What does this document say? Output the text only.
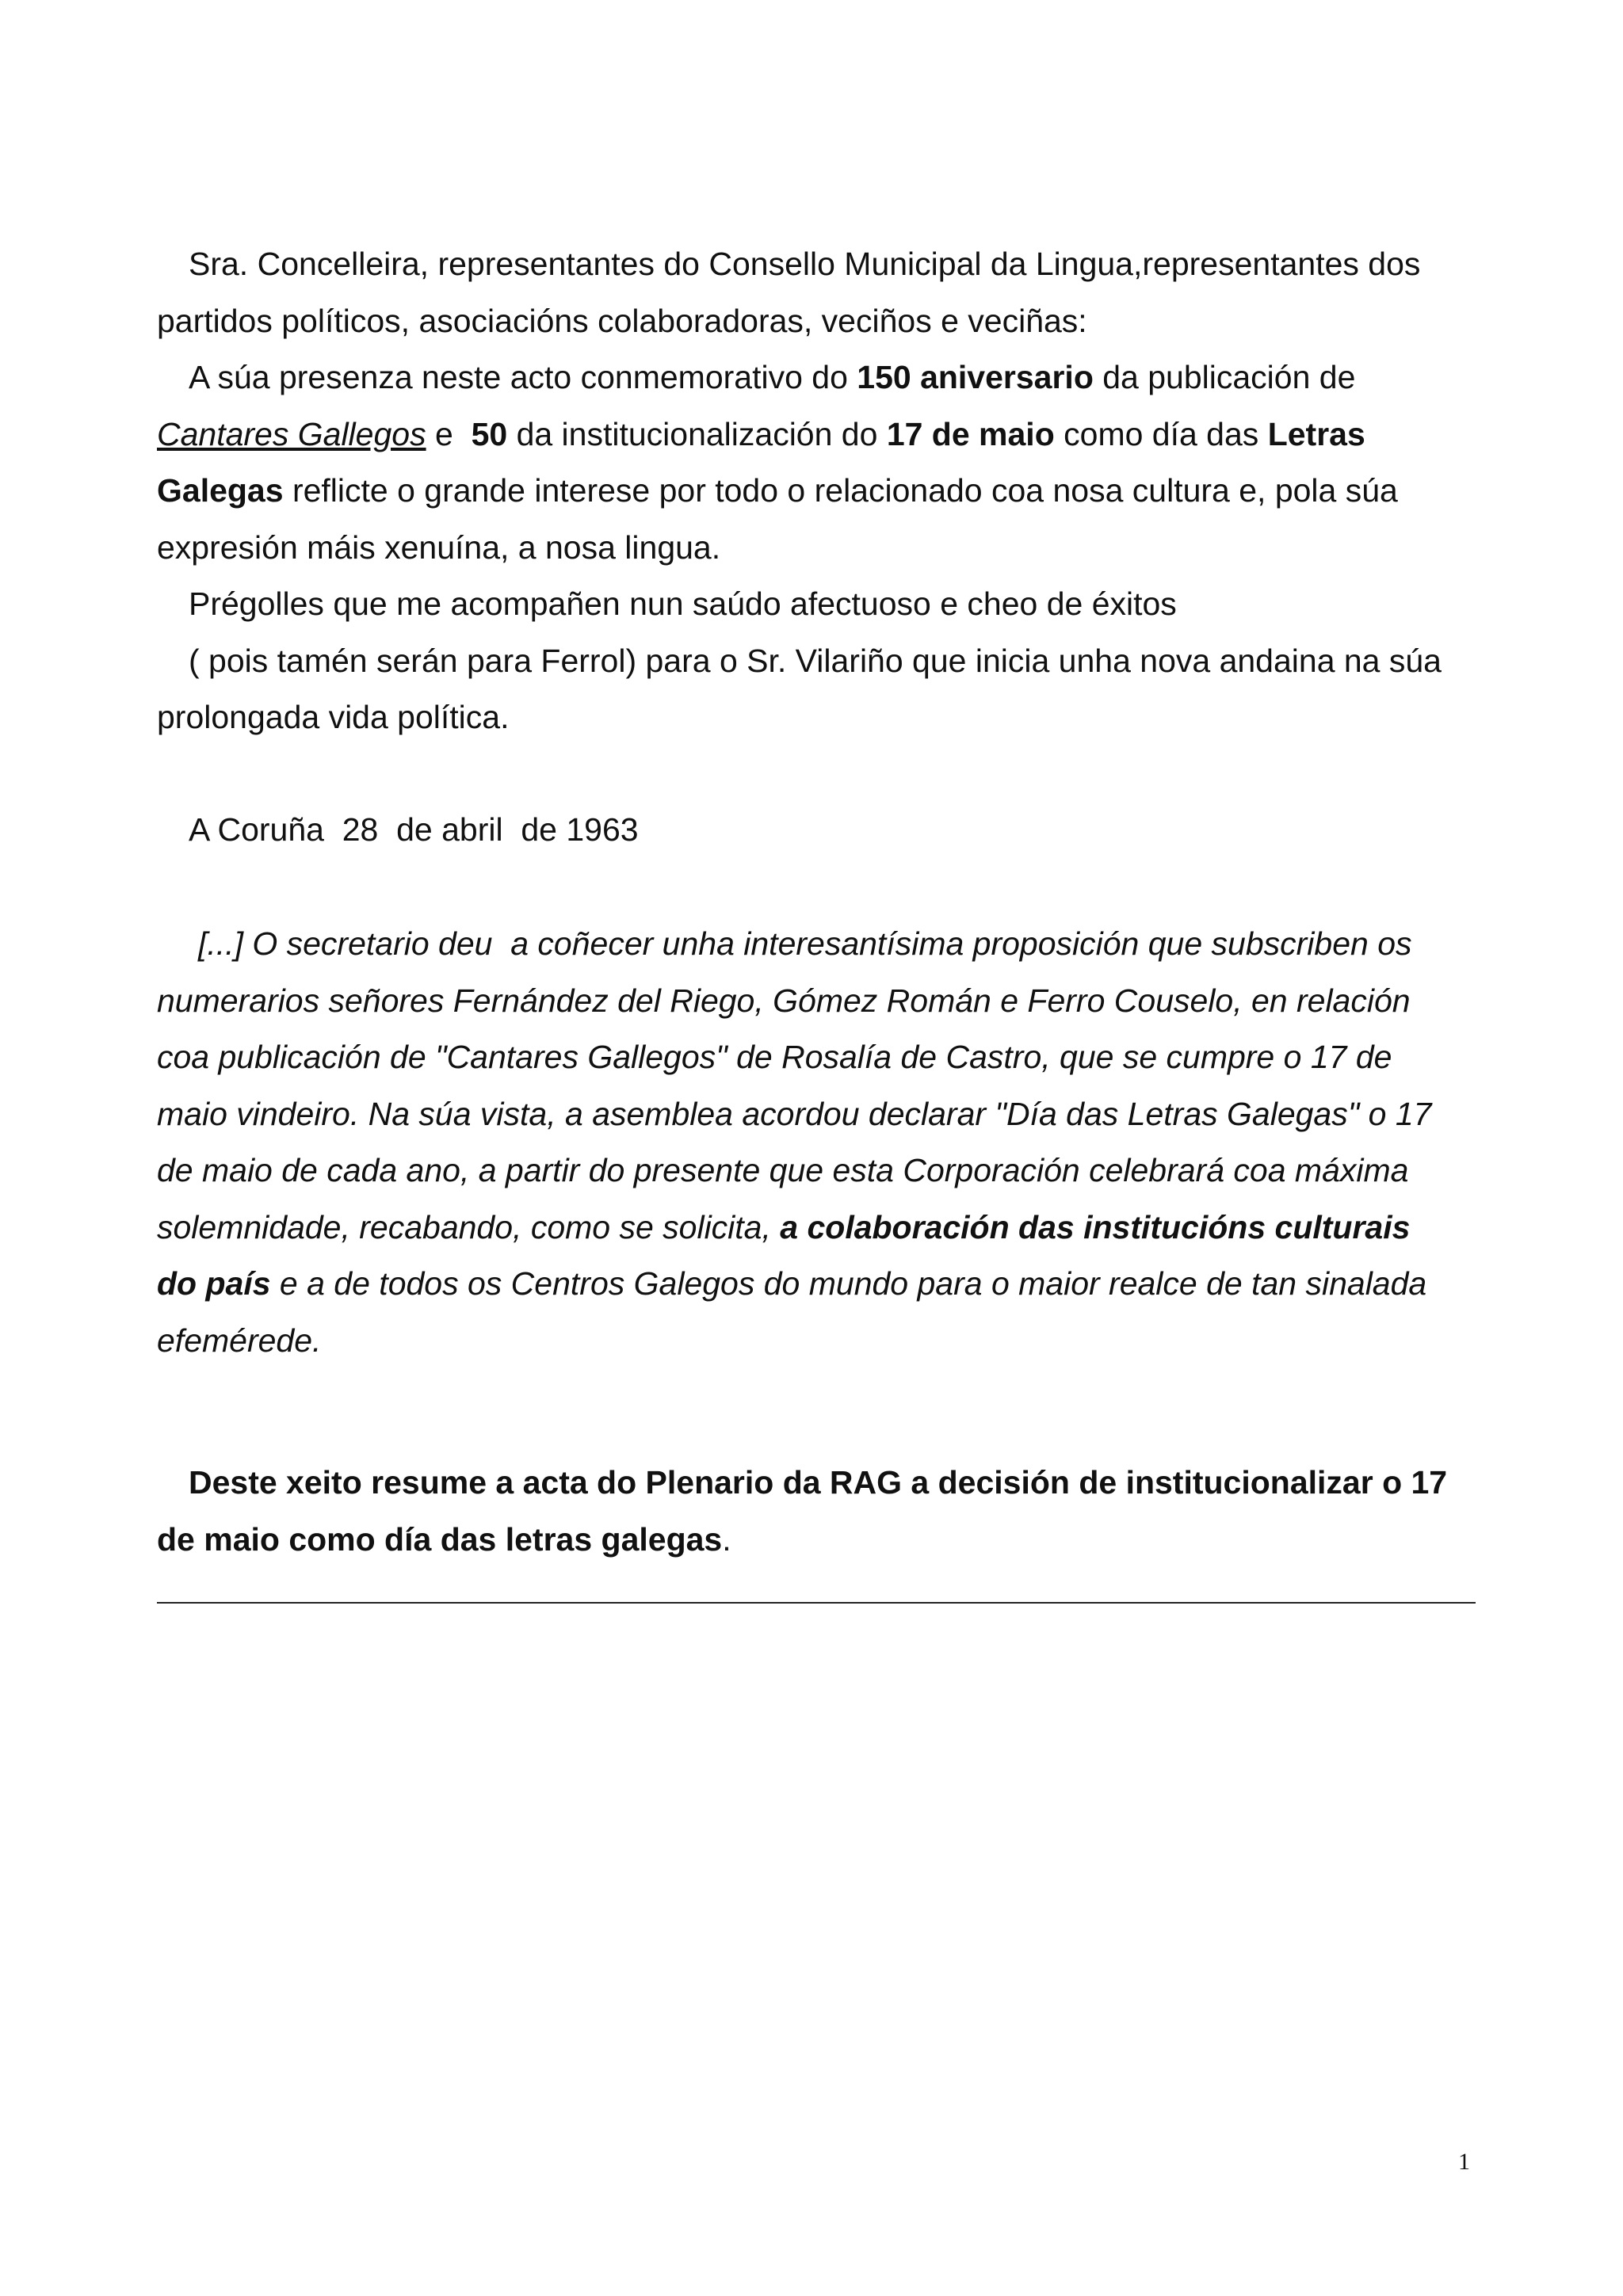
Sra. Concelleira, representantes do Consello Municipal da Lingua,representantes dos
partidos políticos, asociacións colaboradoras, veciños e veciñas:
A súa presenza neste acto conmemorativo do 150 aniversario da publicación de
Cantares Gallegos e  50 da institucionalización do 17 de maio como día das Letras
Galegas reflicte o grande interese por todo o relacionado coa nosa cultura e, pola súa
expresión máis xenuína, a nosa lingua.
Prégolles que me acompañen nun saúdo afectuoso e cheo de éxitos
( pois tamén serán para Ferrol) para o Sr. Vilariño que inicia unha nova andaina na súa
prolongada vida política.
A Coruña  28  de abril  de 1963
[...] O secretario deu  a coñecer unha interesantísima proposición que subscriben os
numerarios señores Fernández del Riego, Gómez Román e Ferro Couselo, en relación
coa publicación de "Cantares Gallegos" de Rosalía de Castro, que se cumpre o 17 de
maio vindeiro. Na súa vista, a asemblea acordou declarar "Día das Letras Galegas" o 17
de maio de cada ano, a partir do presente que esta Corporación celebrará coa máxima
solemnidade, recabando, como se solicita, a colaboración das institucións culturais
do país e a de todos os Centros Galegos do mundo para o maior realce de tan sinalada
efemérede.
Deste xeito resume a acta do Plenario da RAG a decisión de institucionalizar o 17
de maio como día das letras galegas.
1
